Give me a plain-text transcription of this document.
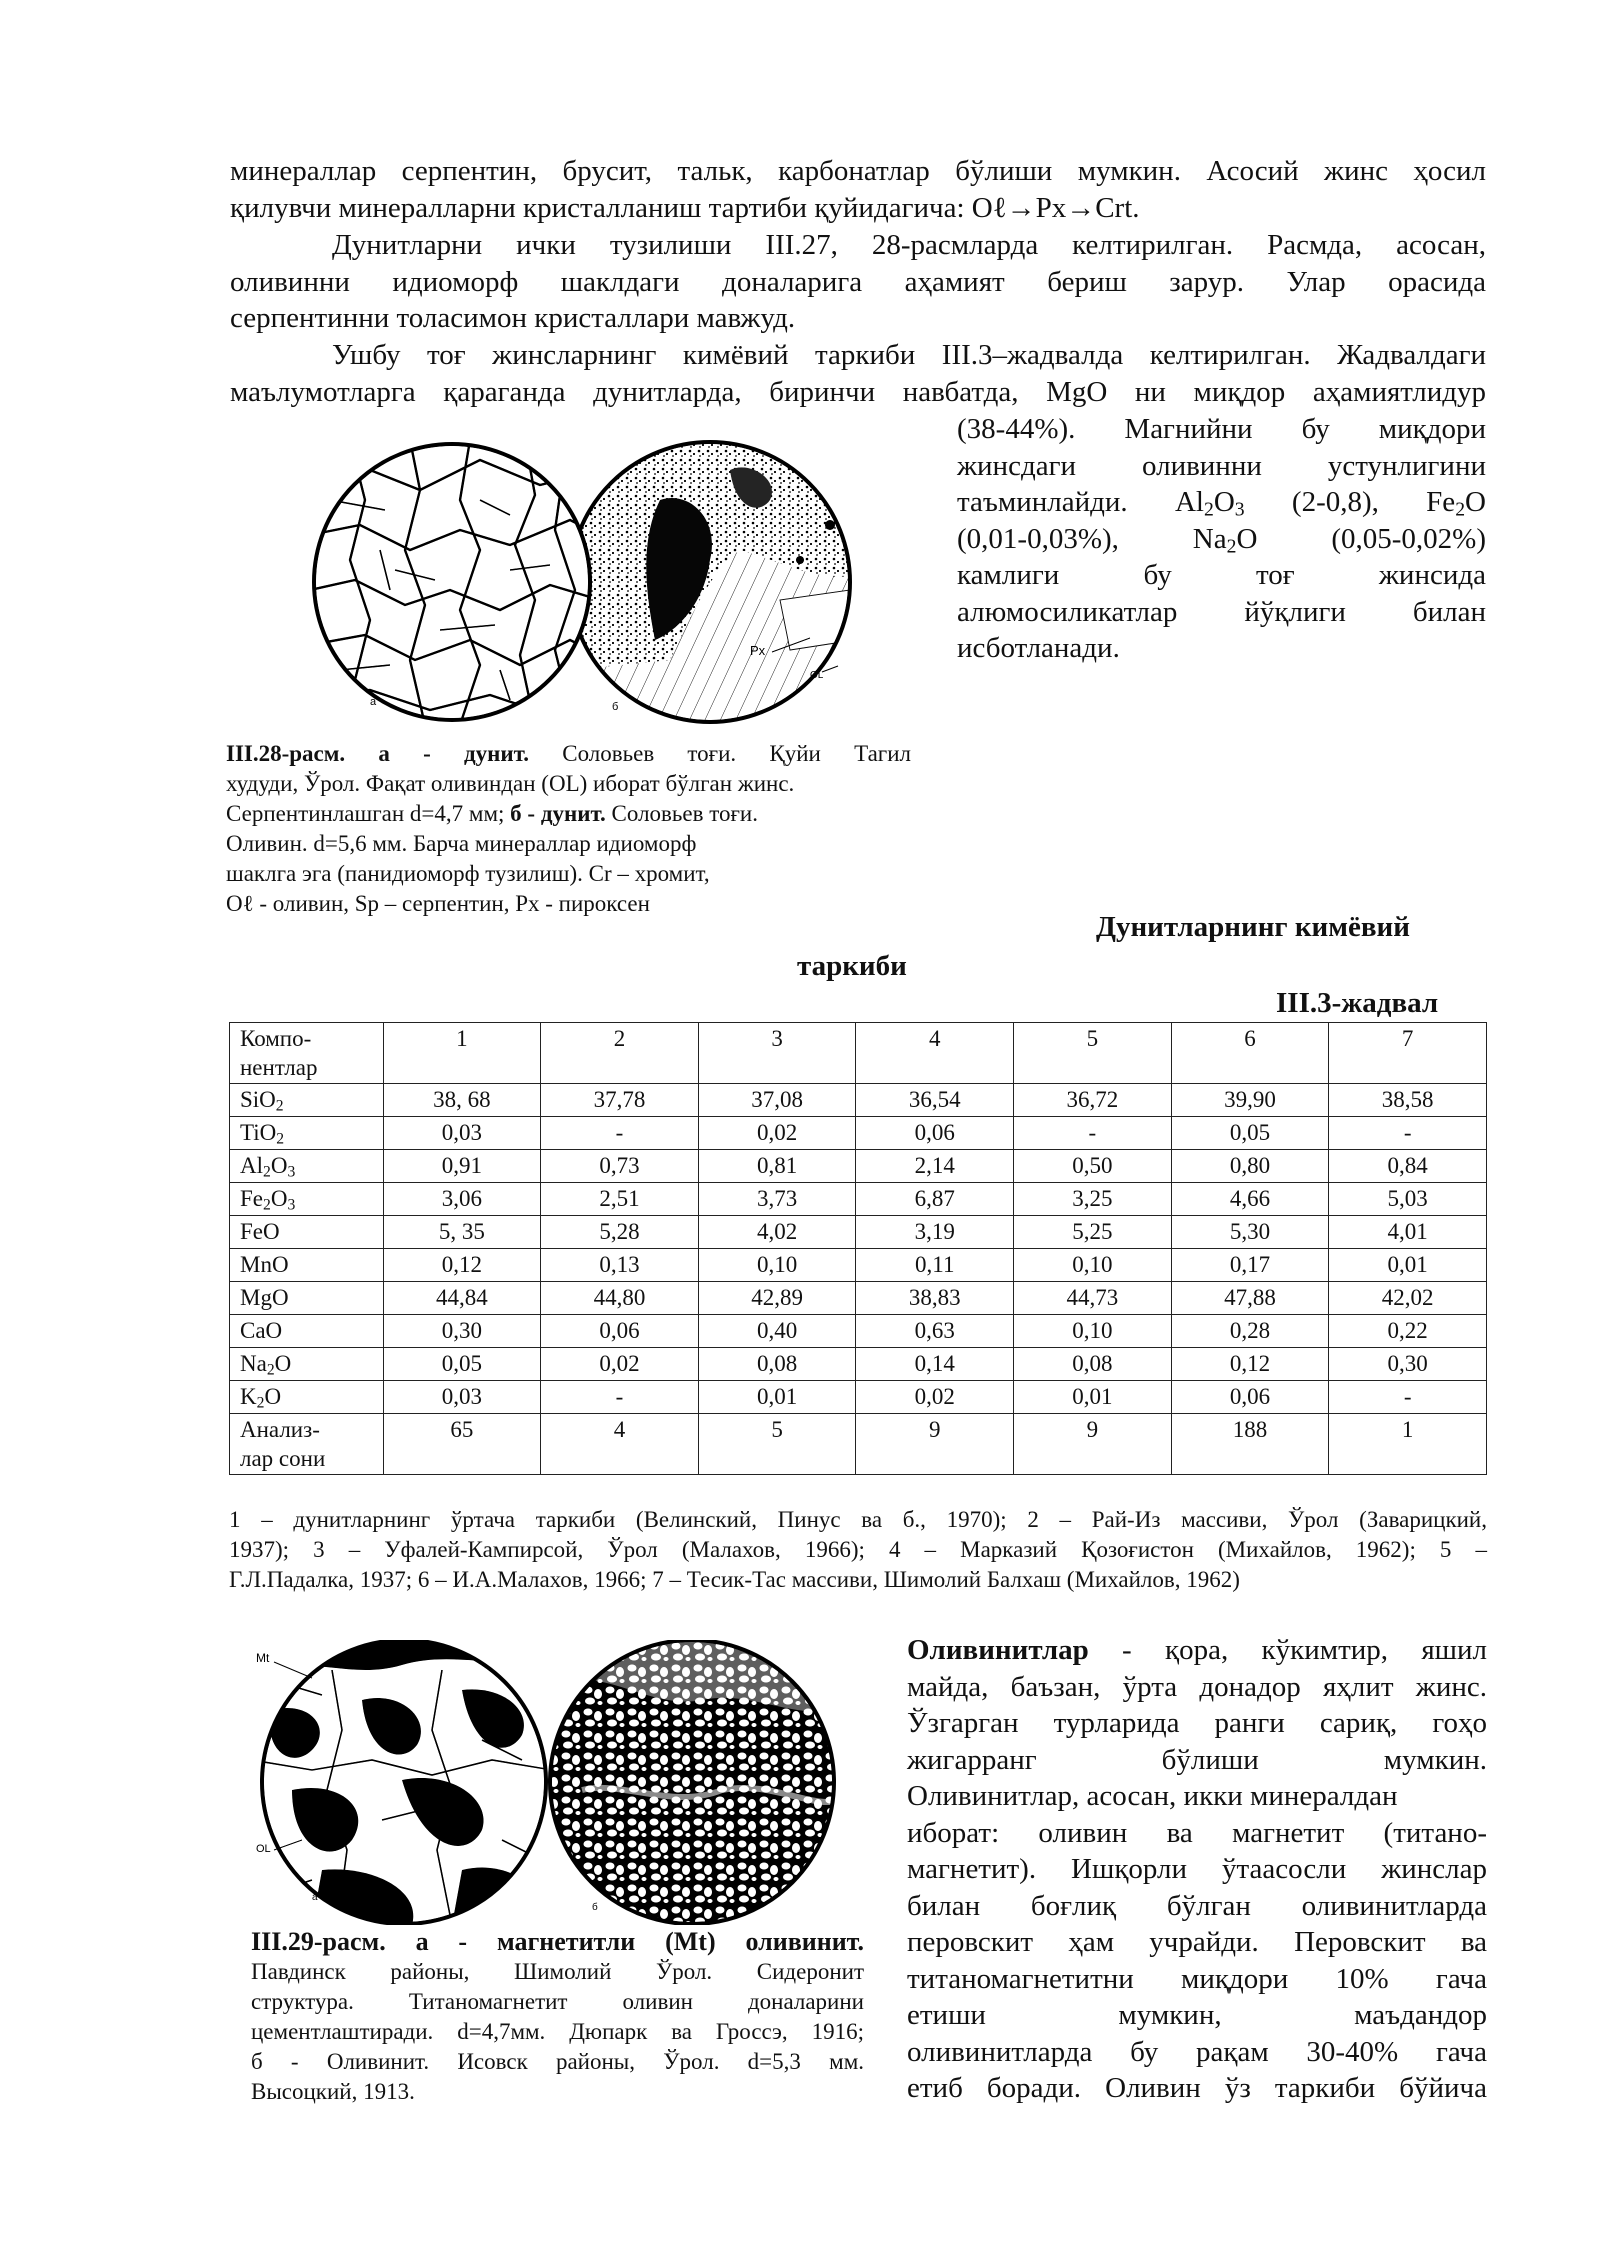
минераллар серпентин, брусит, тальк, карбонатлар бўлиши мумкин. Асосий жинс ҳосил
қилувчи минералларни кристалланиш тартиби қуйидагича: Oℓ→Px→Crt.
Дунитларни ички тузилиши III.27, 28-расмларда келтирилган. Расмда, асосан,
оливинни идиоморф шаклдаги доналарига аҳамият бериш зарур. Улар орасида
серпентинни толасимон кристаллари мавжуд.
Ушбу тоғ жинсларнинг кимёвий таркиби III.3–жадвалда келтирилган. Жадвалдаги
маълумотларга қараганда дунитларда, биринчи навбатда, MgO ни миқдор аҳамиятлидур
(38-44%). Магнийни бу миқдори
жинсдаги оливинни устунлигини
таъминлайди. $Al_2O_3$ (2-0,8), $Fe_2O$
(0,01-0,03%), $Na_2O$ (0,05-0,02%)
камлиги бу тоғ жинсида
алюмосиликатлар йўқлиги билан
исботланади.
а	б
Px
OL
III.28-расм. а - дунит. Соловьев тоғи. Қуйи Тагил
худуди, Ўрол. Фақат оливиндан (OL) иборат бўлган жинс.
Серпентинлашган d=4,7 мм; б - дунит. Соловьев тоғи.
Оливин. d=5,6 мм. Барча минераллар идиоморф
шаклга эга (панидиоморф тузилиш). Cr – хромит,
Oℓ - оливин, Sp – серпентин, Px - пироксен
Дунитларнинг кимёвий
таркиби
III.3-жадвал
Компо-
нентлар	1	2	3	4	5	6	7
SiO$_2$	38, 68	37,78	37,08	36,54	36,72	39,90	38,58
TiO$_2$	0,03	-	0,02	0,06	-	0,05	-
$Al_2O_3$	0,91	0,73	0,81	2,14	0,50	0,80	0,84
$Fe_2O_3$	3,06	2,51	3,73	6,87	3,25	4,66	5,03
FeO	5, 35	5,28	4,02	3,19	5,25	5,30	4,01
MnO	0,12	0,13	0,10	0,11	0,10	0,17	0,01
MgO	44,84	44,80	42,89	38,83	44,73	47,88	42,02
CaO	0,30	0,06	0,40	0,63	0,10	0,28	0,22
$Na_2O$	0,05	0,02	0,08	0,14	0,08	0,12	0,30
$K_2O$	0,03	-	0,01	0,02	0,01	0,06	-
Анализ-
лар сони	65	4	5	9	9	188	1
1 – дунитларнинг ўртача таркиби (Велинский, Пинус ва б., 1970); 2 – Рай-Из массиви, Ўрол (Заварицкий,
1937); 3 – Уфалей-Кампирсой, Ўрол (Малахов, 1966); 4 – Марказий Қозоғистон (Михайлов, 1962); 5 –
Г.Л.Падалка, 1937; 6 – И.А.Малахов, 1966; 7 – Тесик-Тас массиви, Шимолий Балхаш (Михайлов, 1962)
Mt
OL
а
б
III.29-расм. а - магнетитли (Mt) оливинит.
Павдинск районы, Шимолий Ўрол. Сидеронит
структура. Титаномагнетит оливин доналарини
цементлаштиради. d=4,7мм. Дюпарк ва Гроссэ, 1916;
б - Оливинит. Исовск районы, Ўрол. d=5,3 мм.
Высоцкий, 1913.
Оливинитлар - қора, кўкимтир, яшил
майда, баъзан, ўрта донадор яҳлит жинс.
Ўзгарган турларида ранги сариқ, гоҳо
жигарранг бўлиши мумкин.
Оливинитлар, асосан, икки минералдан
иборат: оливин ва магнетит (титано-
магнетит). Ишқорли ўтаасосли жинслар
билан боғлиқ бўлган оливинитларда
перовскит ҳам учрайди. Перовскит ва
титаномагнетитни миқдори 10% гача
етиши мумкин, маъдандор
оливинитларда бу рақам 30-40% гача
етиб боради. Оливин ўз таркиби бўйича
